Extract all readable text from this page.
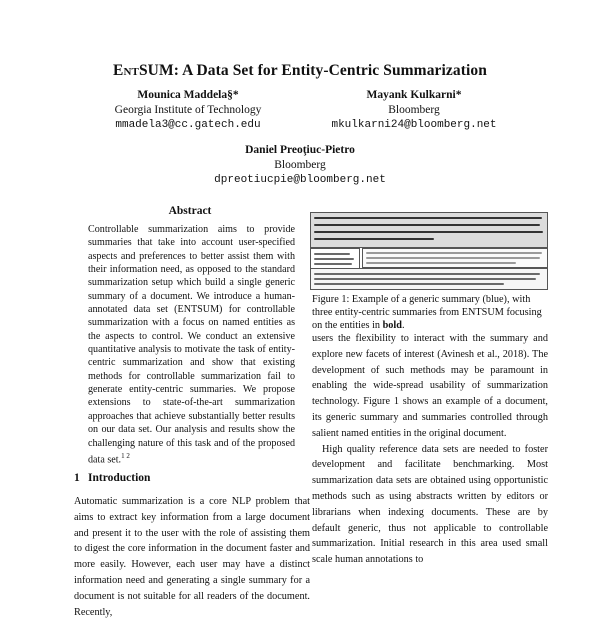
EntSUM: A Data Set for Entity-Centric Summarization
Mounica Maddela§*
Georgia Institute of Technology
mmadela3@cc.gatech.edu
Mayank Kulkarni*
Bloomberg
mkulkarni24@bloomberg.net
Daniel Preoţiuc-Pietro
Bloomberg
dpreotiucpie@bloomberg.net
Abstract
Controllable summarization aims to provide summaries that take into account user-specified aspects and preferences to better assist them with their information need, as opposed to the standard summarization setup which build a single generic summary of a document. We introduce a human-annotated data set (ENTSUM) for controllable summarization with a focus on named entities as the aspects to control. We conduct an extensive quantitative analysis to motivate the task of entity-centric summarization and show that existing methods for controllable summarization fail to generate entity-centric summaries. We propose extensions to state-of-the-art summarization approaches that achieve substantially better results on our data set. Our analysis and results show the challenging nature of this task and of the proposed data set.$^{1 2}$
Figure 1: Example of a generic summary (blue), with three entity-centric summaries from ENTSUM focusing on the entities in bold.
1 Introduction
Automatic summarization is a core NLP problem that aims to extract key information from a large document and present it to the user with the role of assisting them to digest the core information in the document faster and more easily. However, each user may have a distinct information need and generating a single summary for a document is not suitable for all readers of the document. Recently,

users the flexibility to interact with the summary and explore new facets of interest (Avinesh et al., 2018). The development of such methods may be paramount in enabling the wide-spread usability of summarization technology. Figure 1 shows an example of a document, its generic summary and summaries controlled through salient named entities in the original document.

High quality reference data sets are needed to foster development and facilitate benchmarking. Most summarization data sets are obtained using opportunistic methods such as using abstracts written by editors or librarians when indexing documents. These are by default generic, thus not applicable to controllable summarization. Initial research in this area used small scale human annotations to
